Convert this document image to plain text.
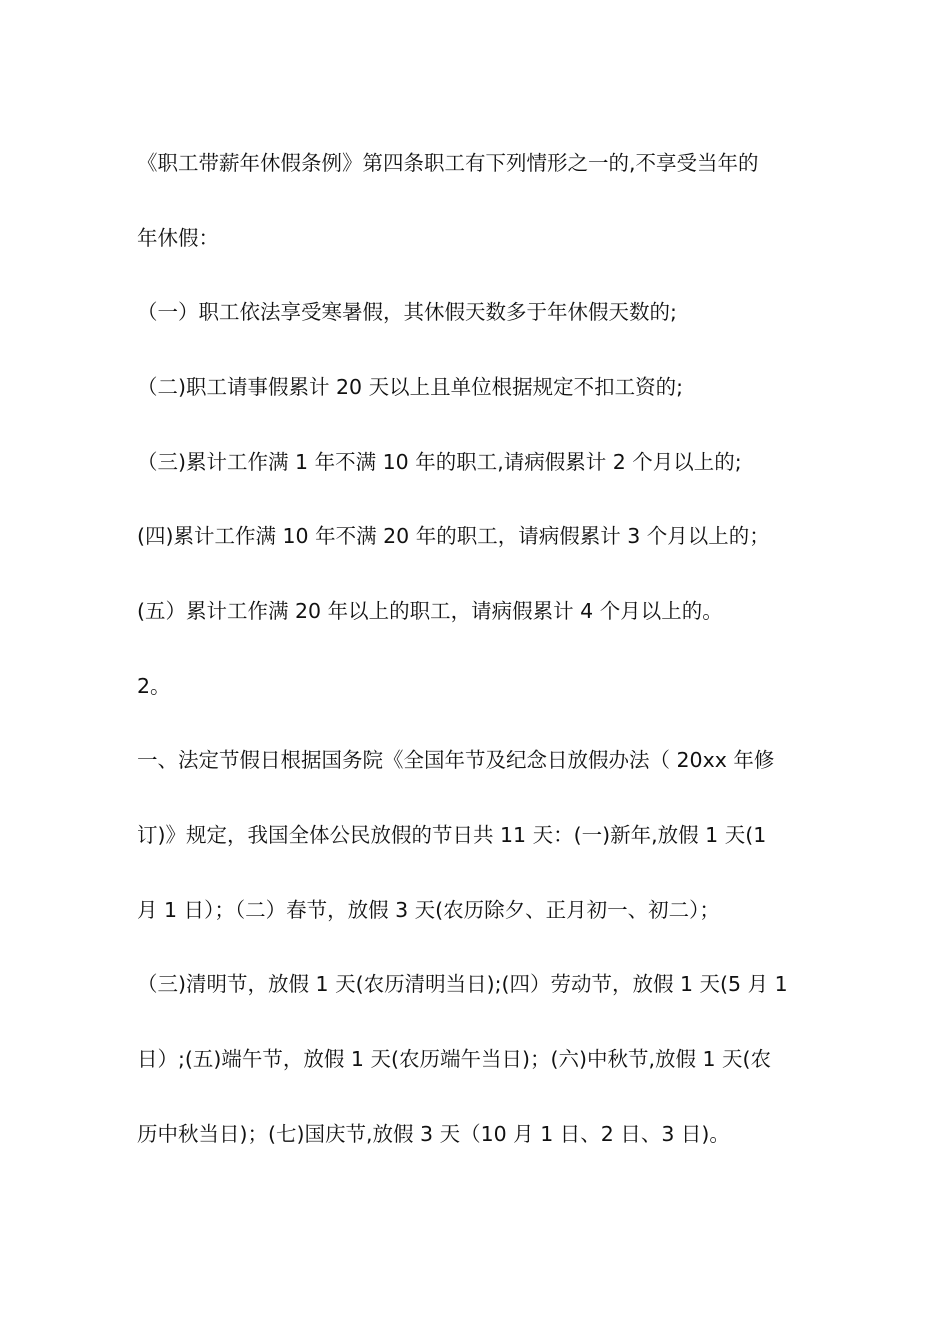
《职工带薪年休假条例》第四条职工有下列情形之一的,不享受当年的
年休假：
（一）职工依法享受寒暑假，其休假天数多于年休假天数的;
（二)职工请事假累计 20 天以上且单位根据规定不扣工资的;
（三)累计工作满 1 年不满 10 年的职工,请病假累计 2 个月以上的;
(四)累计工作满 10 年不满 20 年的职工，请病假累计 3 个月以上的；
(五）累计工作满 20 年以上的职工，请病假累计 4 个月以上的。
2。
一、法定节假日根据国务院《全国年节及纪念日放假办法（ 20xx 年修
订)》规定，我国全体公民放假的节日共 11 天：(一)新年,放假 1 天(1
月 1 日）；（二）春节，放假 3 天(农历除夕、正月初一、初二）；
（三)清明节，放假 1 天(农历清明当日);(四）劳动节，放假 1 天(5 月 1
日）;(五)端午节，放假 1 天(农历端午当日)；(六)中秋节,放假 1 天(农
历中秋当日)；(七)国庆节,放假 3 天（10 月 1 日、2 日、3 日)。
